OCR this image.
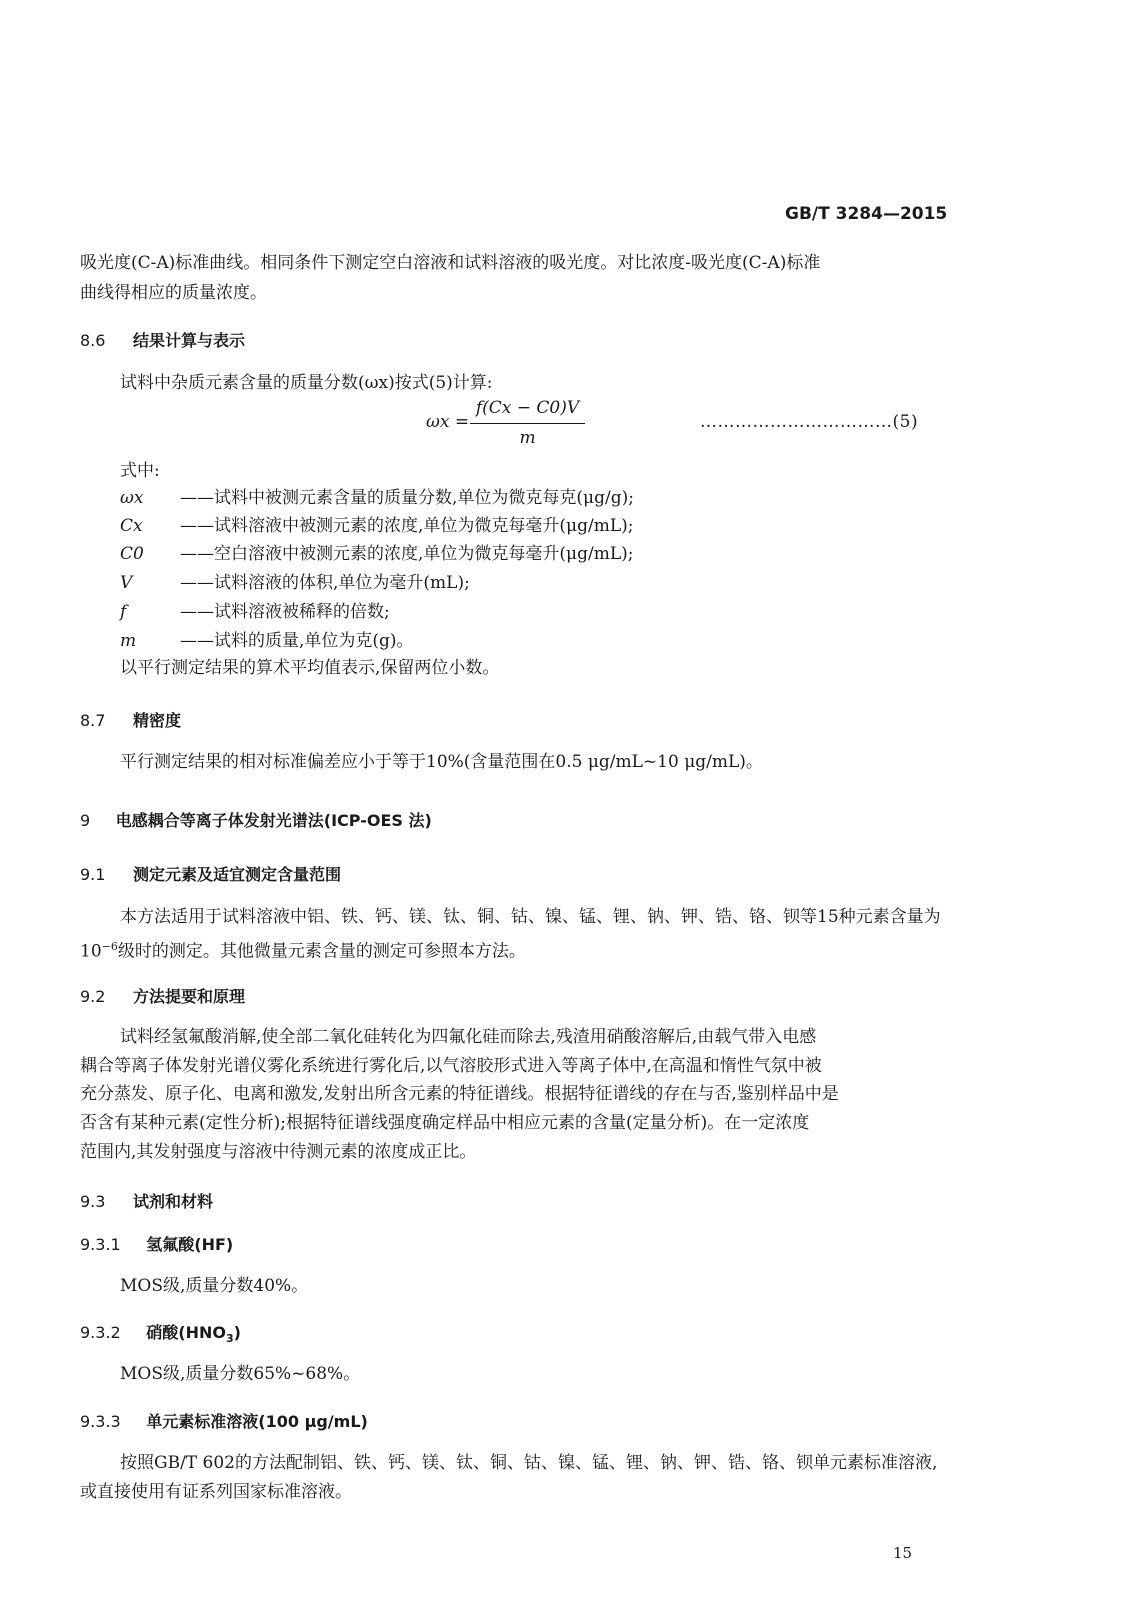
GB/T 3284—2015
吸光度(C-A)标准曲线。相同条件下测定空白溶液和试料溶液的吸光度。对比浓度-吸光度(C-A)标准
曲线得相应的质量浓度。
8.6 结果计算与表示
试料中杂质元素含量的质量分数(ωx)按式(5)计算:
ωx =
f(Cx − C0)V
m
……………………………(5)
式中:
ωx ——试料中被测元素含量的质量分数,单位为微克每克(μg/g);
Cx ——试料溶液中被测元素的浓度,单位为微克每毫升(μg/mL);
C0 ——空白溶液中被测元素的浓度,单位为微克每毫升(μg/mL);
V	——试料溶液的体积,单位为毫升(mL);
f	——试料溶液被稀释的倍数;
m	——试料的质量,单位为克(g)。
以平行测定结果的算术平均值表示,保留两位小数。
8.7 精密度
平行测定结果的相对标准偏差应小于等于10%(含量范围在0.5 μg/mL~10 μg/mL)。
9 电感耦合等离子体发射光谱法(ICP-OES 法)
9.1 测定元素及适宜测定含量范围
本方法适用于试料溶液中铝、铁、钙、镁、钛、铜、钴、镍、锰、锂、钠、钾、锆、铬、钡等15种元素含量为
$10^{-6}$级时的测定。其他微量元素含量的测定可参照本方法。
9.2 方法提要和原理
试料经氢氟酸消解,使全部二氧化硅转化为四氟化硅而除去,残渣用硝酸溶解后,由载气带入电感
耦合等离子体发射光谱仪雾化系统进行雾化后,以气溶胶形式进入等离子体中,在高温和惰性气氛中被
充分蒸发、原子化、电离和激发,发射出所含元素的特征谱线。根据特征谱线的存在与否,鉴别样品中是
否含有某种元素(定性分析);根据特征谱线强度确定样品中相应元素的含量(定量分析)。在一定浓度
范围内,其发射强度与溶液中待测元素的浓度成正比。
9.3 试剂和材料
9.3.1 氢氟酸(HF)
MOS级,质量分数40%。
9.3.2 硝酸$(HNO_3)$
MOS级,质量分数65%~68%。
9.3.3 单元素标准溶液(100 μg/mL)
按照GB/T 602的方法配制铝、铁、钙、镁、钛、铜、钴、镍、锰、锂、钠、钾、锆、铬、钡单元素标准溶液,
或直接使用有证系列国家标准溶液。
15
